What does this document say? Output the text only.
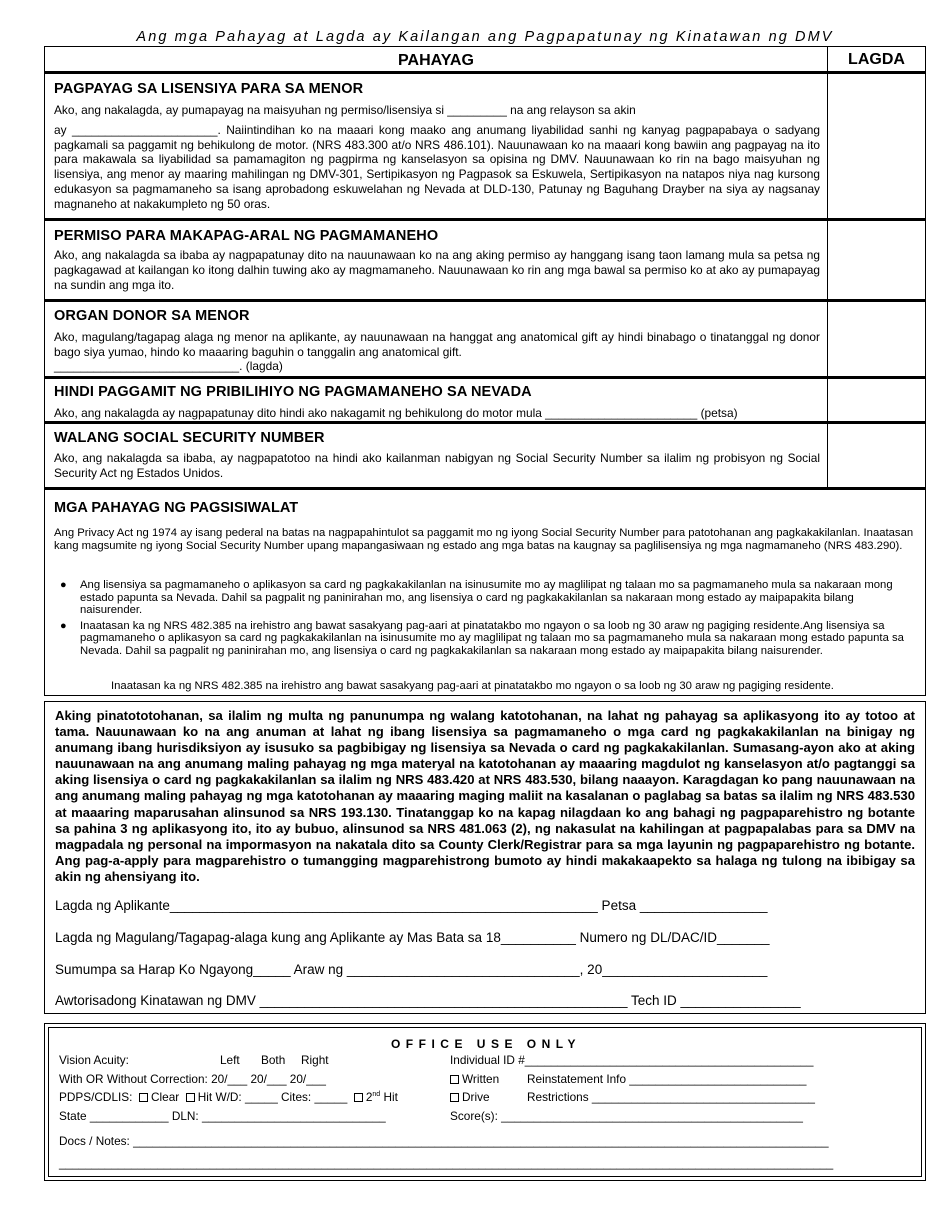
Ang mga Pahayag at Lagda ay Kailangan ang Pagpapatunay ng Kinatawan ng DMV
PAHAYAG	LAGDA
PAGPAYAG SA LISENSIYA PARA SA MENOR

Ako, ang nakalagda, ay pumapayag na maisyuhan ng permiso/lisensiya si _________ na ang relayson sa akin

ay ______________________. Naiintindihan ko na maaari kong maako ang anumang liyabilidad sanhi ng kanyag pagpapabaya o sadyang pagkamali sa paggamit ng behikulong de motor. (NRS 483.300 at/o NRS 486.101). Nauunawaan ko na maaari kong bawiin ang pagpayag na ito para makawala sa liyabilidad sa pamamagiton ng pagpirma ng kanselasyon sa opisina ng DMV. Nauunawaan ko rin na bago maisyuhan ng lisensiya, ang menor ay maaring mahilingan ng DMV-301, Sertipikasyon ng Pagpasok sa Eskuwela, Sertipikasyon na natapos niya nag kursong edukasyon sa pagmamaneho sa isang aprobadong eskuwelahan ng Nevada at DLD-130, Patunay ng Baguhang Drayber na siya ay nagsanay magnaneho at nakakumpleto ng 50 oras.

PERMISO PARA MAKAPAG-ARAL NG PAGMAMANEHO
Ako, ang nakalagda sa ibaba ay nagpapatunay dito na nauunawaan ko na ang aking permiso ay hanggang isang taon lamang mula sa petsa ng pagkagawad at kailangan ko itong dalhin tuwing ako ay magmamaneho. Nauunawaan ko rin ang mga bawal sa permiso ko at ako ay pumapayag na sundin ang mga ito.
ORGAN DONOR SA MENOR

Ako, magulang/tagapag alaga ng menor na aplikante, ay nauunawaan na hanggat ang anatomical gift ay hindi binabago o tinatanggal ng donor bago siya yumao, hindo ko maaaring baguhin o tanggalin ang anatomical gift.

____________________________. (lagda)

HINDI PAGGAMIT NG PRIBILIHIYO NG PAGMAMANEHO SA NEVADA
Ako, ang nakalagda ay nagpapatunay dito hindi ako nakagamit ng behikulong do motor mula _______________________ (petsa)
WALANG SOCIAL SECURITY NUMBER
Ako, ang nakalagda sa ibaba, ay nagpapatotoo na hindi ako kailanman nabigyan ng Social Security Number sa ilalim ng probisyon ng Social Security Act ng Estados Unidos.
MGA PAHAYAG NG PAGSISIWALAT
Ang Privacy Act ng 1974 ay isang pederal na batas na nagpapahintulot sa paggamit mo ng iyong Social Security Number para patotohanan ang pagkakakilanlan. Inaatasan kang magsumite ng iyong Social Security Number upang mapangasiwaan ng estado ang mga batas na kaugnay sa paglilisensiya ng mga nagmamaneho (NRS 483.290).
● Ang lisensiya sa pagmamaneho o aplikasyon sa card ng pagkakakilanlan na isinusumite mo ay maglilipat ng talaan mo sa pagmamaneho mula sa nakaraan mong estado papunta sa Nevada. Dahil sa pagpalit ng paninirahan mo, ang lisensiya o card ng pagkakakilanlan sa nakaraan mong estado ay maipapakita bilang naisurender.
● Inaatasan ka ng NRS 482.385 na irehistro ang bawat sasakyang pag-aari at pinatatakbo mo ngayon o sa loob ng 30 araw ng pagiging residente.Ang lisensiya sa pagmamaneho o aplikasyon sa card ng pagkakakilanlan na isinusumite mo ay maglilipat ng talaan mo sa pagmamaneho mula sa nakaraan mong estado papunta sa Nevada. Dahil sa pagpalit ng paninirahan mo, ang lisensiya o card ng pagkakakilanlan sa nakaraan mong estado ay maipapakita bilang naisurender.
Inaatasan ka ng NRS 482.385 na irehistro ang bawat sasakyang pag-aari at pinatatakbo mo ngayon o sa loob ng 30 araw ng pagiging residente.
Aking pinatototohanan, sa ilalim ng multa ng panunumpa ng walang katotohanan, na lahat ng pahayag sa aplikasyong ito ay totoo at tama. Nauunawaan ko na ang anuman at lahat ng ibang lisensiya sa pagmamaneho o mga card ng pagkakakilanlan na binigay ng anumang ibang hurisdiksiyon ay isusuko sa pagbibigay ng lisensiya sa Nevada o card ng pagkakakilanlan. Sumasang-ayon ako at aking nauunawaan na ang anumang maling pahayag ng mga materyal na katotohanan ay maaaring magdulot ng kanselasyon at/o pagtanggi sa aking lisensiya o card ng pagkakakilanlan sa ilalim ng NRS 483.420 at NRS 483.530, bilang naaayon. Karagdagan ko pang nauunawaan na ang anumang maling pahayag ng mga katotohanan ay maaaring maging maliit na kasalanan o paglabag sa batas sa ilalim ng NRS 483.530 at maaaring maparusahan alinsunod sa NRS 193.130. Tinatanggap ko na kapag nilagdaan ko ang bahagi ng pagpaparehistro ng botante sa pahina 3 ng aplikasyong ito, ito ay bubuo, alinsunod sa NRS 481.063 (2), ng nakasulat na kahilingan at pagpapalabas para sa DMV na magpadala ng personal na impormasyon na nakatala dito sa County Clerk/Registrar para sa mga layunin ng pagpaparehistro ng botante. Ang pag-a-apply para magparehistro o tumangging magparehistrong bumoto ay hindi makakaapekto sa halaga ng tulong na ibibigay sa akin ng ahensiyang ito.
Lagda ng Aplikante_________________________________________________________ Petsa _________________
Lagda ng Magulang/Tagapag-alaga kung ang Aplikante ay Mas Bata sa 18__________ Numero ng DL/DAC/ID_______
Sumumpa sa Harap Ko Ngayong_____ Araw ng _______________________________, 20______________________
Awtorisadong Kinatawan ng DMV _________________________________________________ Tech ID ________________
OFFICE USE ONLY
Vision Acuity:	Left Both Right
With OR Without Correction: 20/___ 20/___ 20/___
PDPS/CDLIS: Clear Hit W/D: _____ Cites: _____ 2nd Hit
State ____________ DLN: ____________________________
Individual ID #____________________________________________
Written Reinstatement Info ___________________________
Drive	Restrictions __________________________________
Score(s): ______________________________________________
Docs / Notes: __________________________________________________________________________________________________________
______________________________________________________________________________________________________________________
